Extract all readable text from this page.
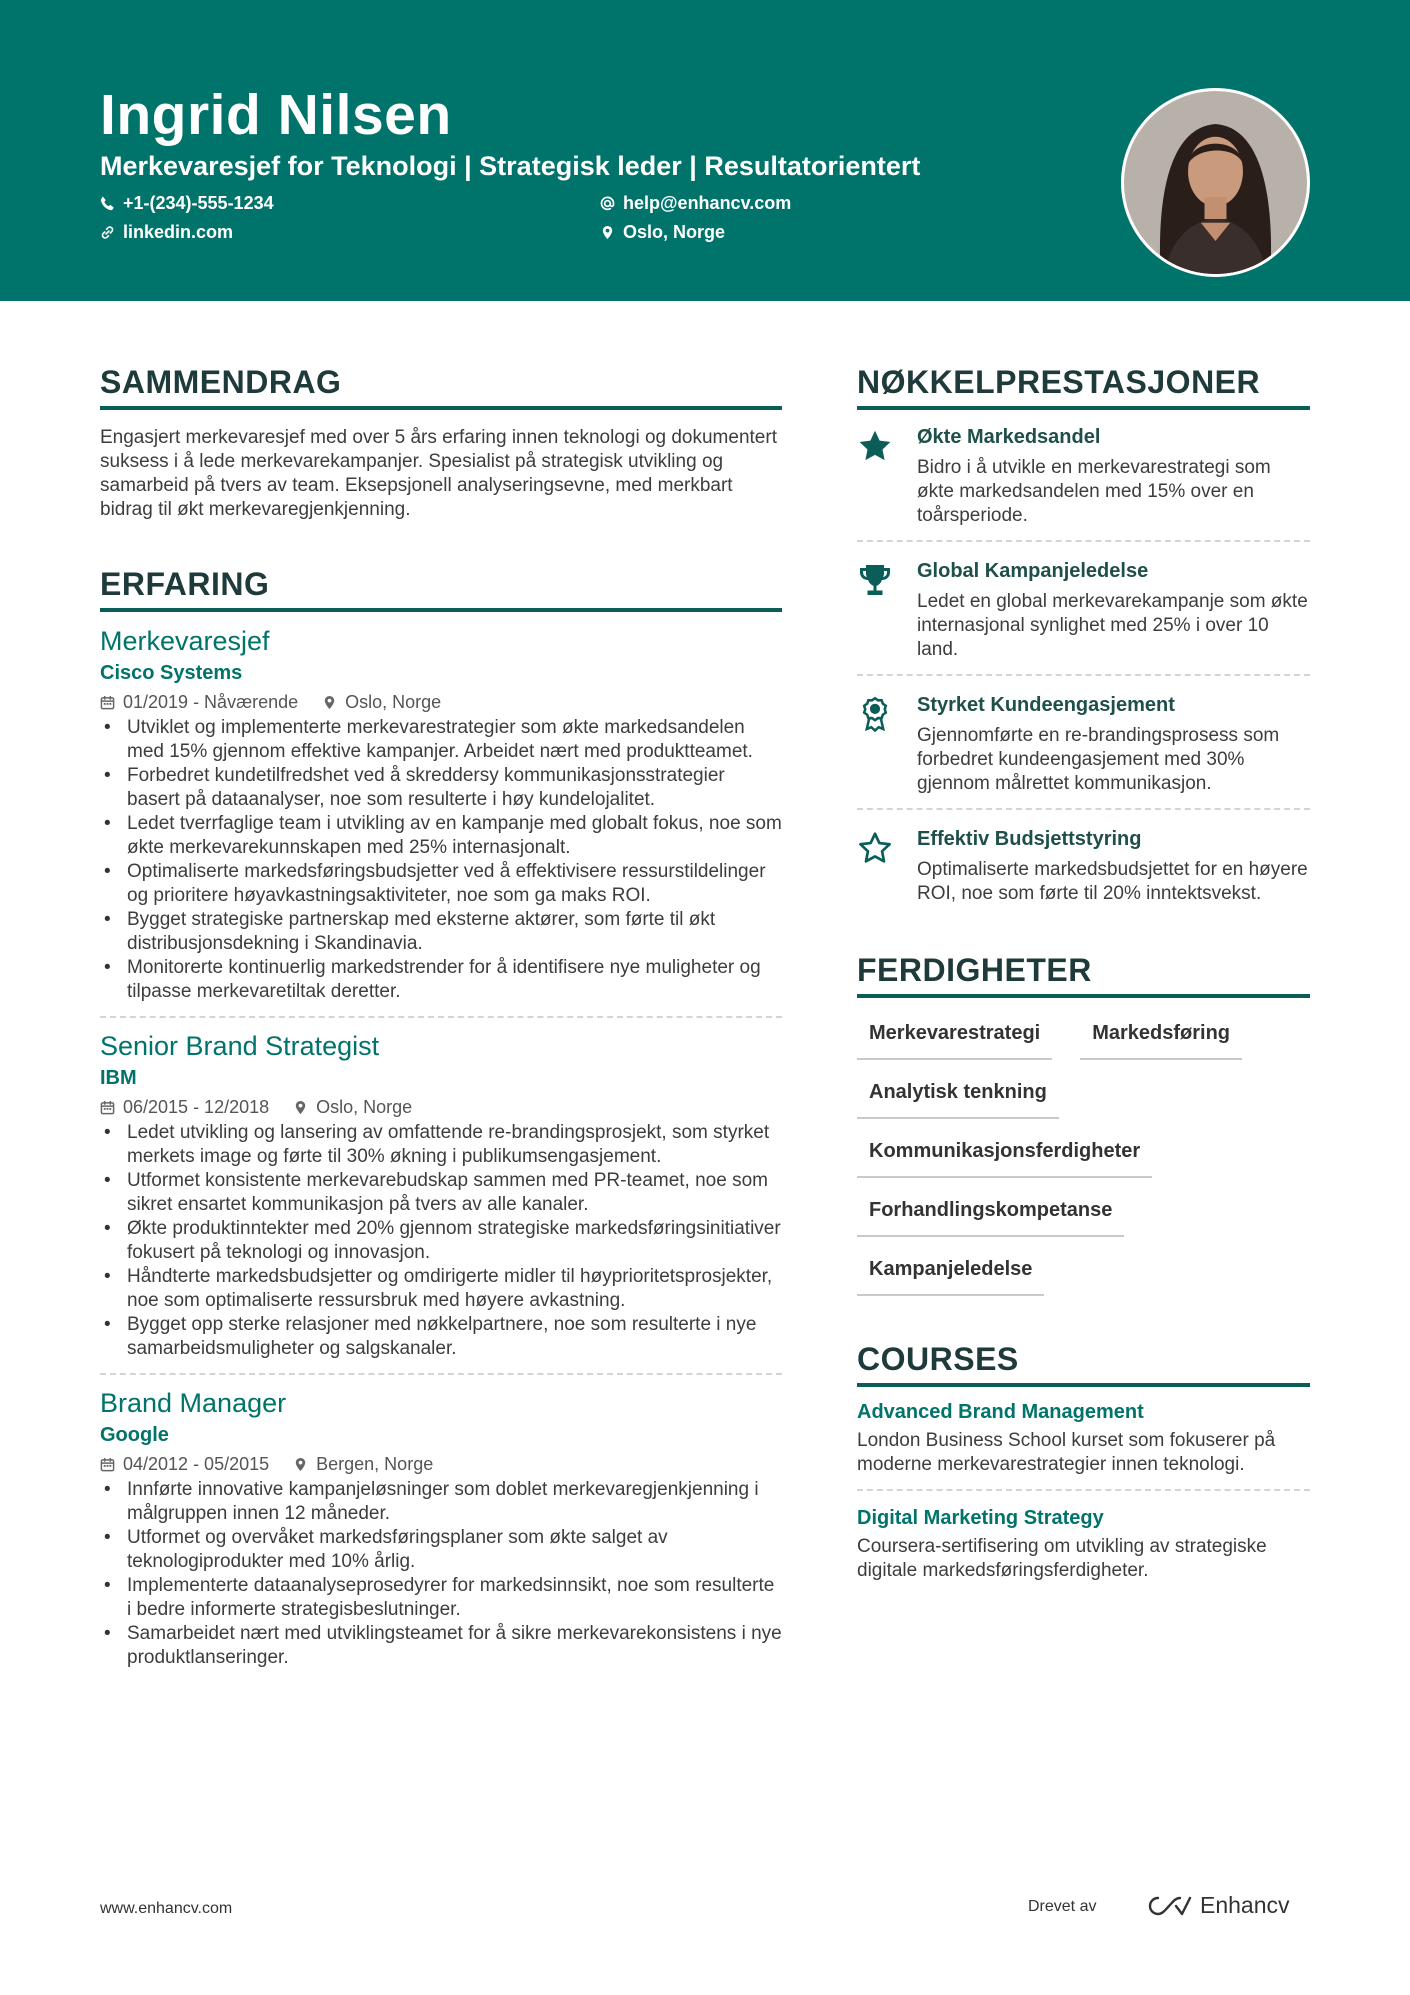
Ingrid Nilsen
Merkevaresjef for Teknologi | Strategisk leder | Resultatorientert
+1-(234)-555-1234	help@enhancv.com
linkedin.com	Oslo, Norge
SAMMENDRAG

Engasjert merkevaresjef med over 5 års erfaring innen teknologi og dokumentert suksess i å lede merkevarekampanjer. Spesialist på strategisk utvikling og samarbeid på tvers av team. Eksepsjonell analyseringsevne, med merkbart bidrag til økt merkevaregjenkjenning.

ERFARING
Merkevaresjef
Cisco Systems
01/2019 - Nåværende	Oslo, Norge
• Utviklet og implementerte merkevarestrategier som økte markedsandelen med 15% gjennom effektive kampanjer. Arbeidet nært med produktteamet.
• Forbedret kundetilfredshet ved å skreddersy kommunikasjonsstrategier basert på dataanalyser, noe som resulterte i høy kundelojalitet.
• Ledet tverrfaglige team i utvikling av en kampanje med globalt fokus, noe som økte merkevarekunnskapen med 25% internasjonalt.
• Optimaliserte markedsføringsbudsjetter ved å effektivisere ressurstildelinger og prioritere høyavkastningsaktiviteter, noe som ga maks ROI.
• Bygget strategiske partnerskap med eksterne aktører, som førte til økt distribusjonsdekning i Skandinavia.
• Monitorerte kontinuerlig markedstrender for å identifisere nye muligheter og tilpasse merkevaretiltak deretter.
Senior Brand Strategist
IBM
06/2015 - 12/2018	Oslo, Norge
• Ledet utvikling og lansering av omfattende re-brandingsprosjekt, som styrket merkets image og førte til 30% økning i publikumsengasjement.
• Utformet konsistente merkevarebudskap sammen med PR-teamet, noe som sikret ensartet kommunikasjon på tvers av alle kanaler.
• Økte produktinntekter med 20% gjennom strategiske markedsføringsinitiativer fokusert på teknologi og innovasjon.
• Håndterte markedsbudsjetter og omdirigerte midler til høyprioritetsprosjekter, noe som optimaliserte ressursbruk med høyere avkastning.
• Bygget opp sterke relasjoner med nøkkelpartnere, noe som resulterte i nye samarbeidsmuligheter og salgskanaler.
Brand Manager
Google
04/2012 - 05/2015	Bergen, Norge
• Innførte innovative kampanjeløsninger som doblet merkevaregjenkjenning i målgruppen innen 12 måneder.
• Utformet og overvåket markedsføringsplaner som økte salget av teknologiprodukter med 10% årlig.
• Implementerte dataanalyseprosedyrer for markedsinnsikt, noe som resulterte i bedre informerte strategisbeslutninger.
• Samarbeidet nært med utviklingsteamet for å sikre merkevarekonsistens i nye produktlanseringer.
NØKKELPRESTASJONER
Økte Markedsandel
Bidro i å utvikle en merkevarestrategi som økte markedsandelen med 15% over en toårsperiode.
Global Kampanjeledelse
Ledet en global merkevarekampanje som økte internasjonal synlighet med 25% i over 10 land.
Styrket Kundeengasjement
Gjennomførte en re-brandingsprosess som forbedret kundeengasjement med 30% gjennom målrettet kommunikasjon.
Effektiv Budsjettstyring
Optimaliserte markedsbudsjettet for en høyere ROI, noe som førte til 20% inntektsvekst.
FERDIGHETER
Merkevarestrategi	Markedsføring
Analytisk tenkning
Kommunikasjonsferdigheter
Forhandlingskompetanse
Kampanjeledelse
COURSES
Advanced Brand Management
London Business School kurset som fokuserer på moderne merkevarestrategier innen teknologi.
Digital Marketing Strategy
Coursera-sertifisering om utvikling av strategiske digitale markedsføringsferdigheter.
www.enhancv.com	Drevet av	Enhancv
